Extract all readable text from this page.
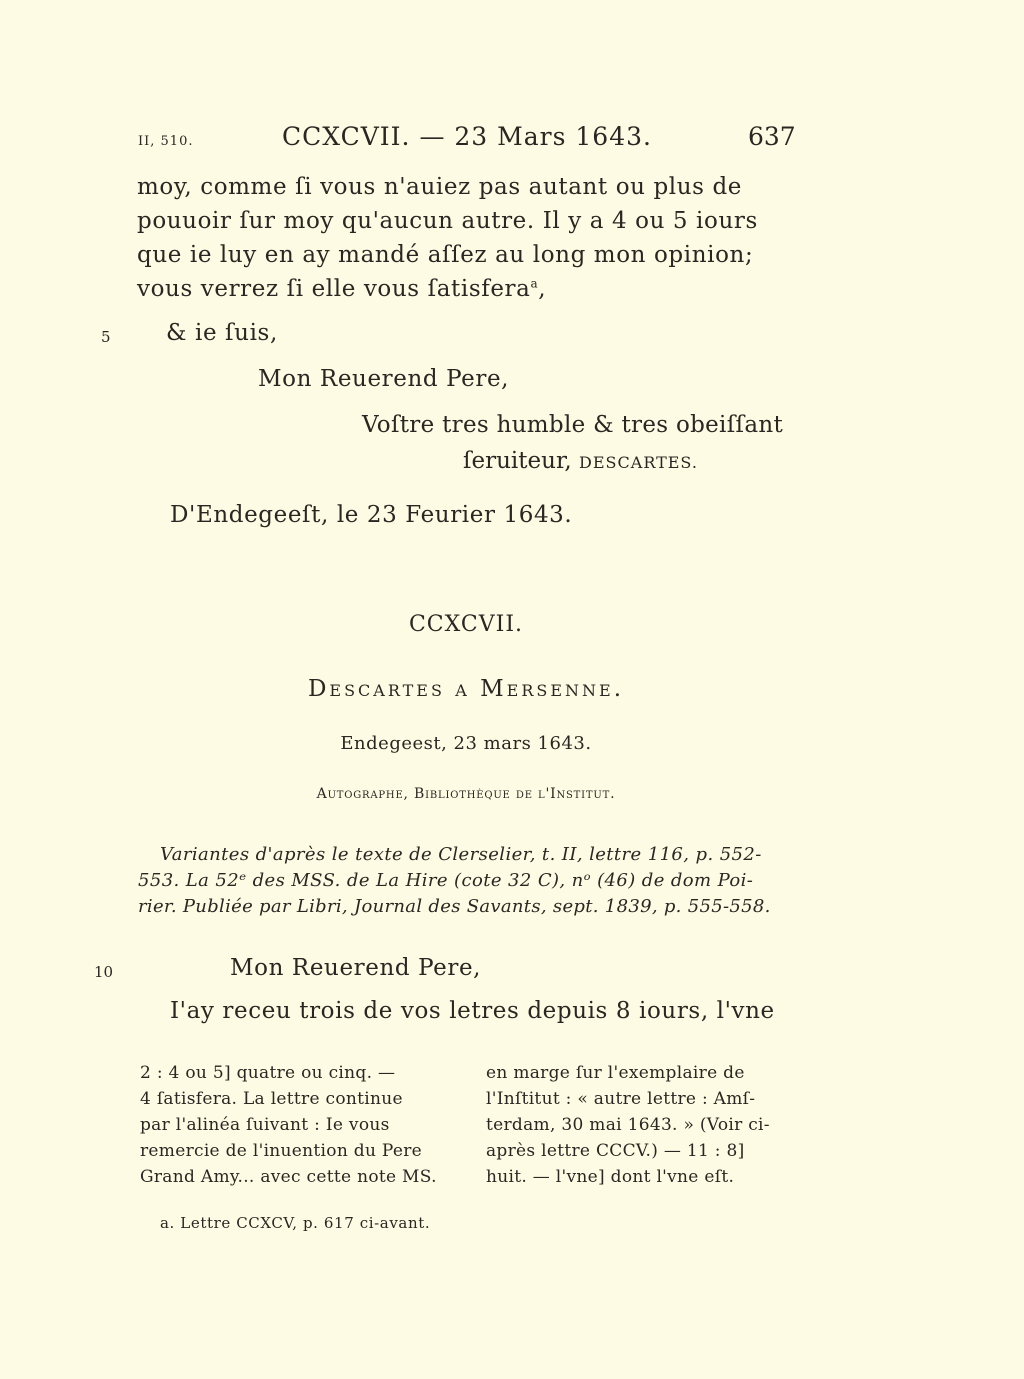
II, 510.	CCXCVII. — 23 Mars 1643.	637
moy, comme ſi vous n'auiez pas autant ou plus de
pouuoir ſur moy qu'aucun autre. Il y a 4 ou 5 iours
que ie luy en ay mandé aſſez au long mon opinion;
vous verrez ſi elle vous ſatisfera$^a$,
5 & ie ſuis,
Mon Reuerend Pere,
Voſtre tres humble & tres obeiſſant
ſeruiteur, DESCARTES.
D'Endegeeſt, le 23 Feurier 1643.
CCXCVII.
Descartes a Mersenne.
Endegeest, 23 mars 1643.
Autographe, Bibliothèque de l'Institut.
Variantes d'après le texte de Clerselier, t. II, lettre 116, p. 552-
553. La 52ᵉ des MSS. de La Hire (cote 32 C), nᵒ (46) de dom Poi-
rier. Publiée par Libri, Journal des Savants, sept. 1839, p. 555-558.
10	Mon Reuerend Pere,
I'ay receu trois de vos letres depuis 8 iours, l'vne
2 : 4 ou 5] quatre ou cinq. —
4 ſatisfera. La lettre continue
par l'alinéa ſuivant : Ie vous
remercie de l'inuention du Pere
Grand Amy... avec cette note MS.
en marge ſur l'exemplaire de
l'Inſtitut : « autre lettre : Amſ-
terdam, 30 mai 1643. » (Voir ci-
après lettre CCCV.) — 11 : 8]
huit. — l'vne] dont l'vne eſt.
a. Lettre CCXCV, p. 617 ci-avant.
